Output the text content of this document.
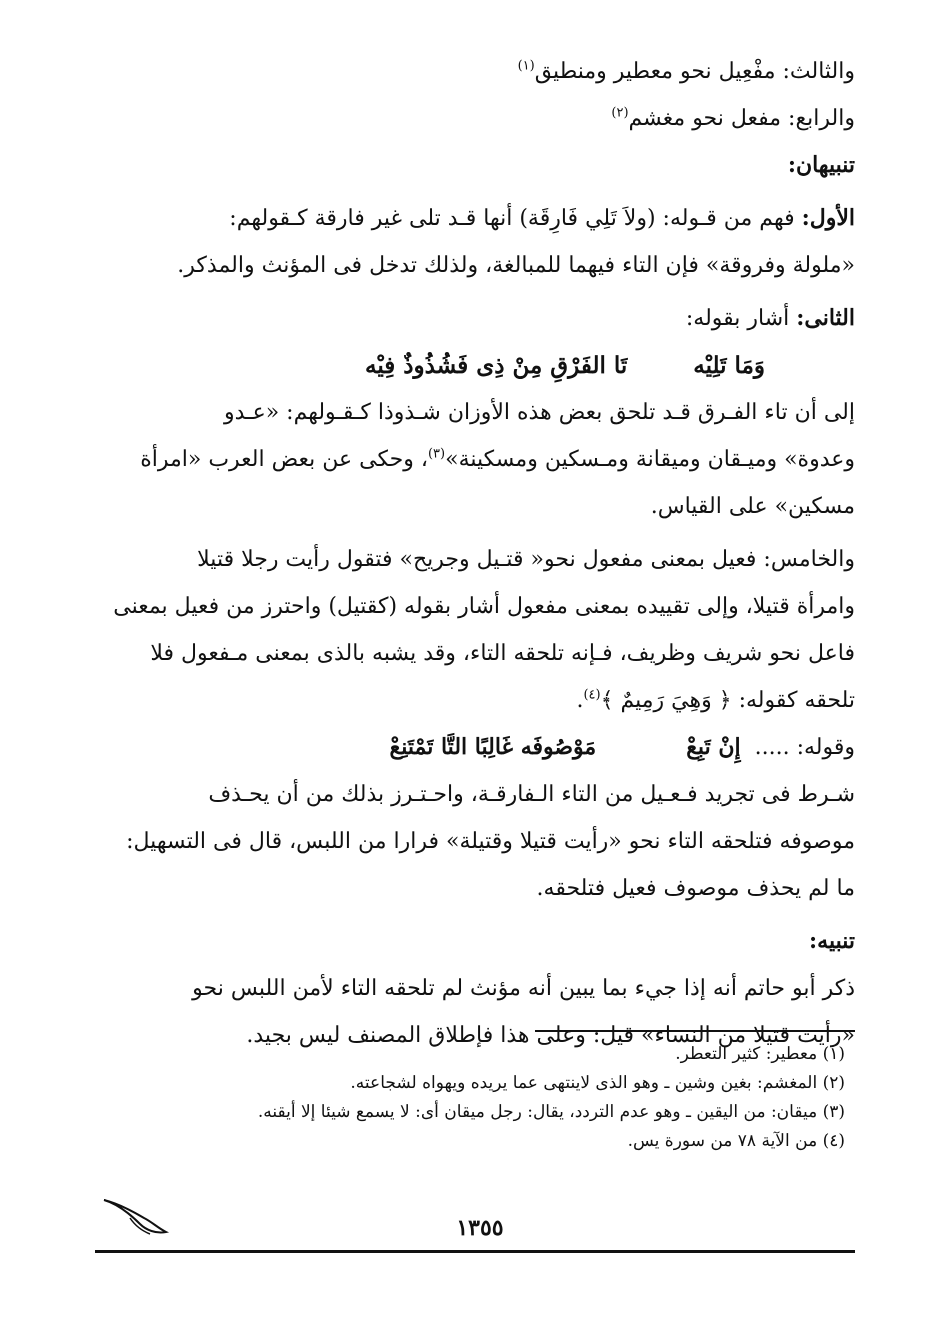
والثالث: مفْعِيل نحو معطير ومنطيق$^{(١)}$
والرابع: مفعل نحو مغشم$^{(٢)}$
تنبيهان:
الأول: فهم من قـوله: (ولاَ تَلِي فَارِقَة) أنها قـد تلى غير فارقة كـقولهم:
«ملولة وفروقة» فإن التاء فيهما للمبالغة، ولذلك تدخل فى المؤنث والمذكر.
الثانى: أشار بقوله:
وَمَا تَلِيْه
تَا الفَرْقِ مِنْ ذِى فَشُذُوذٌ فِيْه
إلى أن تاء الفـرق قـد تلحق بعض هذه الأوزان شـذوذا كـقـولهم: «عـدو
وعدوة» وميـقان وميقانة ومـسكين ومسكينة»$^{(٣)}$، وحكى عن بعض العرب «امرأة
مسكين» على القياس.
والخامس: فعيل بمعنى مفعول نحو« قتـيل وجريح» فتقول رأيت رجلا قتيلا
وامرأة قتيلا، وإلى تقييده بمعنى مفعول أشار بقوله (كقتيل) واحترز من فعيل بمعنى
فاعل نحو شريف وظريف، فـإنه تلحقه التاء، وقد يشبه بالذى بمعنى مـفعول فلا
تلحقه كقوله: ﴿ وَهِيَ رَمِيمٌ ﴾$^{(٤)}$.
وقوله: .....
إِنْ تَبِعْ
مَوْصُوفَه غَالِبًا التَّا تَمْتَنِعْ
شـرط فى تجريد فـعـيل من التاء الـفارقـة، واحـتـرز بذلك من أن يحـذف
موصوفه فتلحقه التاء نحو «رأيت قتيلا وقتيلة» فرارا من اللبس، قال فى التسهيل:
ما لم يحذف موصوف فعيل فتلحقه.
تنبيه:
ذكر أبو حاتم أنه إذا جيء بما يبين أنه مؤنث لم تلحقه التاء لأمن اللبس نحو
«رأيت قتيلا من النساء» قيل: وعلى هذا فإطلاق المصنف ليس بجيد.
(١) معطير: كثير التعطر.
(٢) المغشم: بغين وشين ـ وهو الذى لاينتهى عما يريده ويهواه لشجاعته.
(٣) ميقان: من اليقين ـ وهو عدم التردد، يقال: رجل ميقان أى: لا يسمع شيئا إلا أيقنه.
(٤) من الآية ٧٨ من سورة يس.
١٣٥٥
